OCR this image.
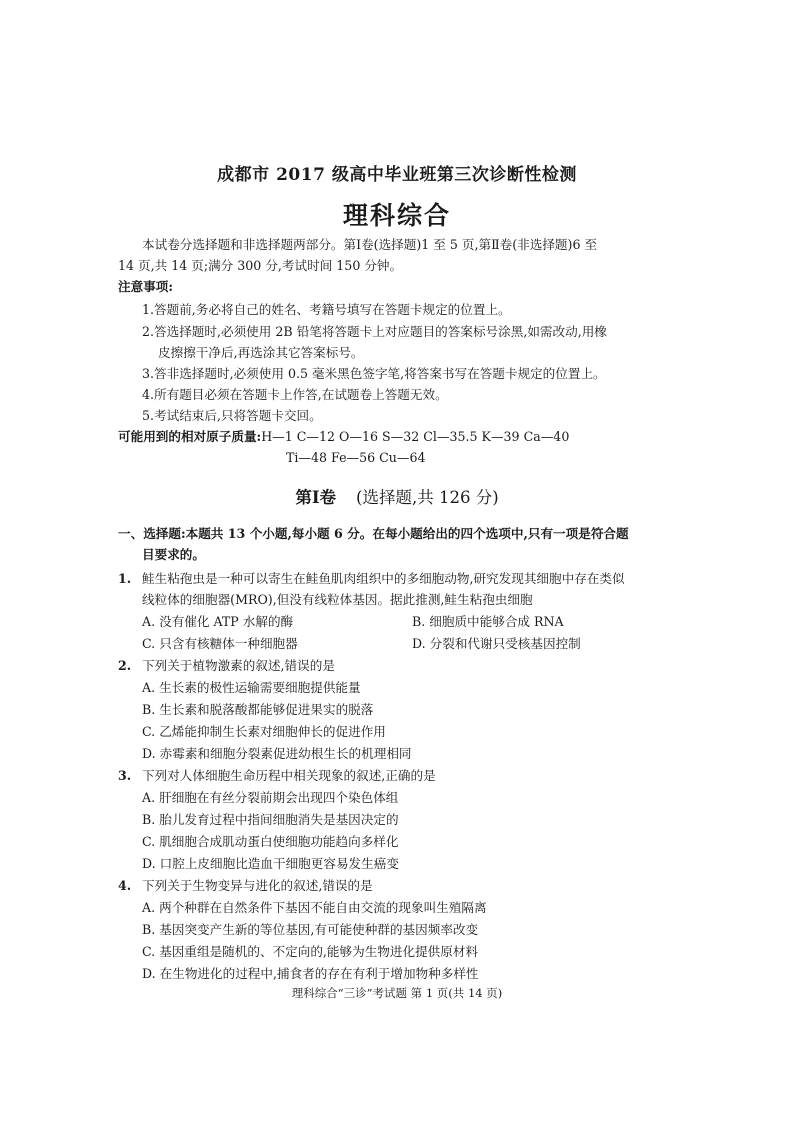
成都市 2017 级高中毕业班第三次诊断性检测
理科综合
本试卷分选择题和非选择题两部分。第Ⅰ卷(选择题)1 至 5 页,第Ⅱ卷(非选择题)6 至
14 页,共 14 页;满分 300 分,考试时间 150 分钟。
注意事项:
1.答题前,务必将自己的姓名、考籍号填写在答题卡规定的位置上。
2.答选择题时,必须使用 2B 铅笔将答题卡上对应题目的答案标号涂黑,如需改动,用橡
皮擦擦干净后,再选涂其它答案标号。
3.答非选择题时,必须使用 0.5 毫米黑色签字笔,将答案书写在答题卡规定的位置上。
4.所有题目必须在答题卡上作答,在试题卷上答题无效。
5.考试结束后,只将答题卡交回。
可能用到的相对原子质量:H—1 C—12 O—16 S—32 Cl—35.5 K—39 Ca—40
Ti—48 Fe—56 Cu—64
第Ⅰ卷 (选择题,共 126 分)
一、选择题:本题共 13 个小题,每小题 6 分。在每小题给出的四个选项中,只有一项是符合题
目要求的。
1. 鲑生粘孢虫是一种可以寄生在鲑鱼肌肉组织中的多细胞动物,研究发现其细胞中存在类似
线粒体的细胞器(MRO),但没有线粒体基因。据此推测,鲑生粘孢虫细胞
A. 没有催化 ATP 水解的酶	B. 细胞质中能够合成 RNA
C. 只含有核糖体一种细胞器	D. 分裂和代谢只受核基因控制
2. 下列关于植物激素的叙述,错误的是
A. 生长素的极性运输需要细胞提供能量
B. 生长素和脱落酸都能够促进果实的脱落
C. 乙烯能抑制生长素对细胞伸长的促进作用
D. 赤霉素和细胞分裂素促进幼根生长的机理相同
3. 下列对人体细胞生命历程中相关现象的叙述,正确的是
A. 肝细胞在有丝分裂前期会出现四个染色体组
B. 胎儿发育过程中指间细胞消失是基因决定的
C. 肌细胞合成肌动蛋白使细胞功能趋向多样化
D. 口腔上皮细胞比造血干细胞更容易发生癌变
4. 下列关于生物变异与进化的叙述,错误的是
A. 两个种群在自然条件下基因不能自由交流的现象叫生殖隔离
B. 基因突变产生新的等位基因,有可能使种群的基因频率改变
C. 基因重组是随机的、不定向的,能够为生物进化提供原材料
D. 在生物进化的过程中,捕食者的存在有利于增加物种多样性
理科综合“三诊”考试题 第 1 页(共 14 页)
